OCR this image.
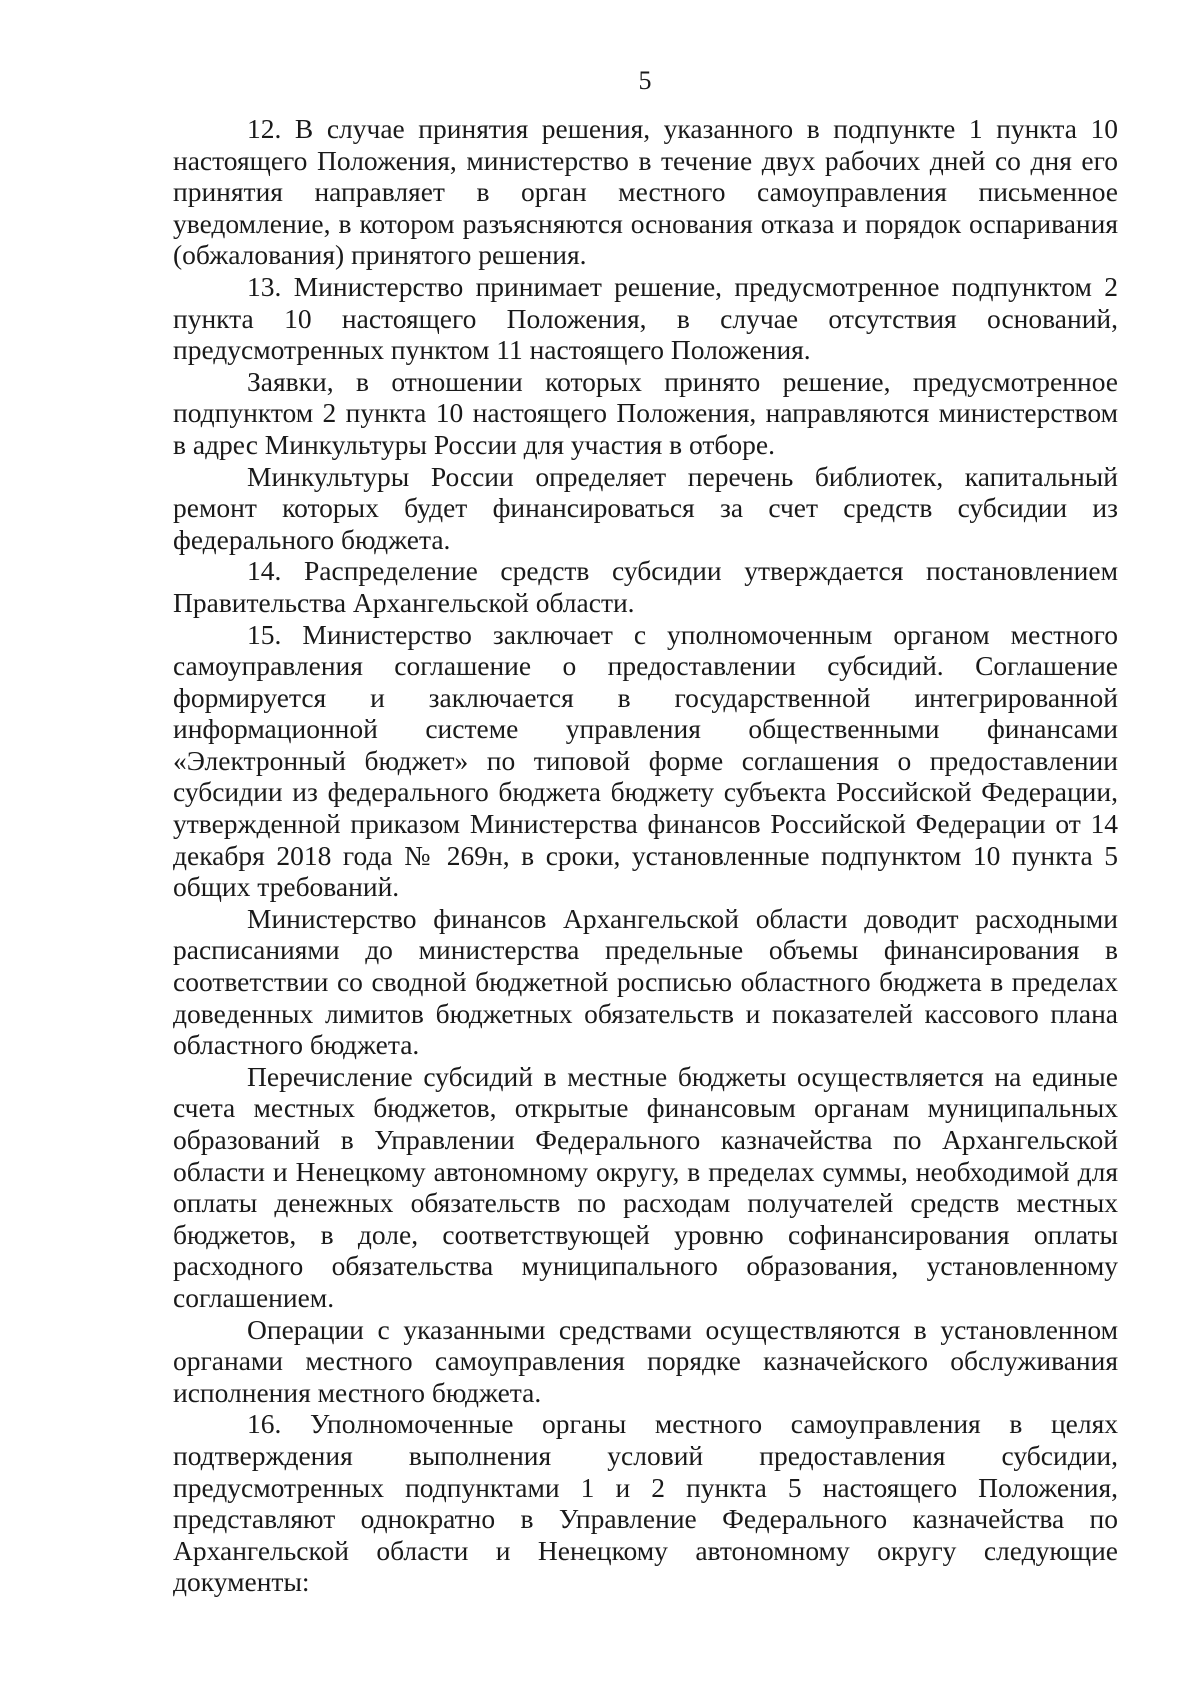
5

12. В случае принятия решения, указанного в подпункте 1 пункта 10 настоящего Положения, министерство в течение двух рабочих дней со дня его принятия направляет в орган местного самоуправления письменное уведомление, в котором разъясняются основания отказа и порядок оспаривания (обжалования) принятого решения.

13. Министерство принимает решение, предусмотренное подпунктом 2 пункта 10 настоящего Положения, в случае отсутствия оснований, предусмотренных пунктом 11 настоящего Положения.

Заявки, в отношении которых принято решение, предусмотренное подпунктом 2 пункта 10 настоящего Положения, направляются министерством в адрес Минкультуры России для участия в отборе.

Минкультуры России определяет перечень библиотек, капитальный ремонт которых будет финансироваться за счет средств субсидии из федерального бюджета.

14. Распределение средств субсидии утверждается постановлением Правительства Архангельской области.

15. Министерство заключает с уполномоченным органом местного самоуправления соглашение о предоставлении субсидий. Соглашение формируется и заключается в государственной интегрированной информационной системе управления общественными финансами «Электронный бюджет» по типовой форме соглашения о предоставлении субсидии из федерального бюджета бюджету субъекта Российской Федерации, утвержденной приказом Министерства финансов Российской Федерации от 14 декабря 2018 года № 269н, в сроки, установленные подпунктом 10 пункта 5 общих требований.

Министерство финансов Архангельской области доводит расходными расписаниями до министерства предельные объемы финансирования в соответствии со сводной бюджетной росписью областного бюджета в пределах доведенных лимитов бюджетных обязательств и показателей кассового плана областного бюджета.

Перечисление субсидий в местные бюджеты осуществляется на единые счета местных бюджетов, открытые финансовым органам муниципальных образований в Управлении Федерального казначейства по Архангельской области и Ненецкому автономному округу, в пределах суммы, необходимой для оплаты денежных обязательств по расходам получателей средств местных бюджетов, в доле, соответствующей уровню софинансирования оплаты расходного обязательства муниципального образования, установленному соглашением.

Операции с указанными средствами осуществляются в установленном органами местного самоуправления порядке казначейского обслуживания исполнения местного бюджета.

16. Уполномоченные органы местного самоуправления в целях подтверждения выполнения условий предоставления субсидии, предусмотренных подпунктами 1 и 2 пункта 5 настоящего Положения, представляют однократно в Управление Федерального казначейства по Архангельской области и Ненецкому автономному округу следующие документы:
